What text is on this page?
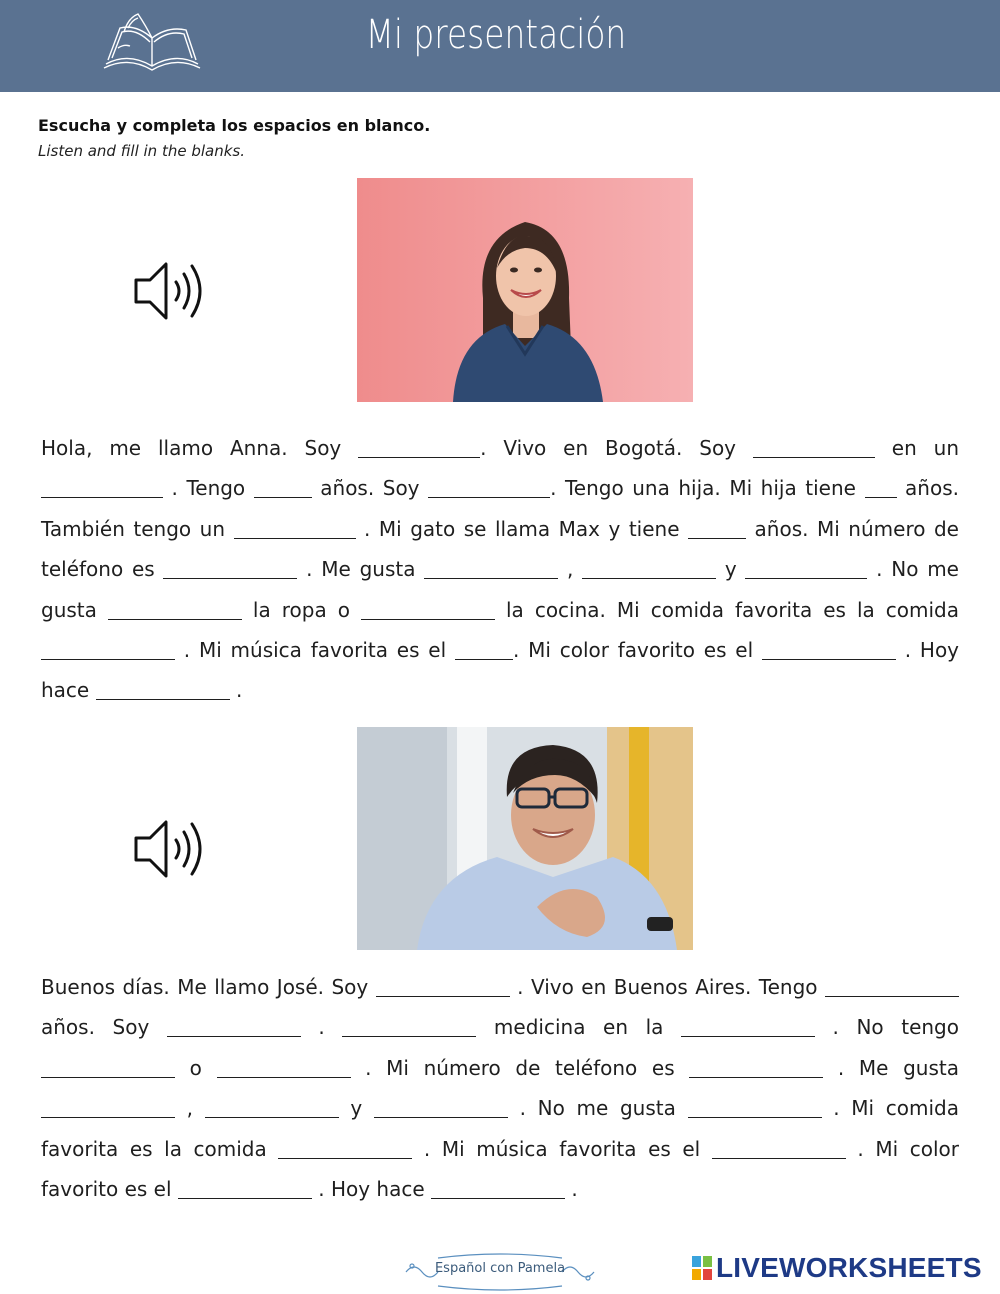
Mi presentación
Escucha y completa los espacios en blanco.
Listen and fill in the blanks.
Hola, me llamo Anna. Soy	. Vivo en Bogotá. Soy	en un  . Tengo	años. Soy	. Tengo una hija. Mi hija tiene  años. También tengo un	. Mi gato se llama Max y tiene	años. Mi número de teléfono es	. Me gusta	,	y	. No me gusta	la ropa o	la cocina. Mi comida favorita es la comida  . Mi música favorita es el	. Mi color favorito es el	. Hoy hace	.
Buenos días. Me llamo José. Soy	. Vivo en Buenos Aires. Tengo años. Soy	.	medicina en la	. No tengo  o	. Mi número de teléfono es	. Me gusta  ,	y	. No me gusta	. Mi comida favorita es la comida	. Mi música favorita es el	. Mi color favorito es el	. Hoy hace	.
Español con Pamela	LIVEWORKSHEETS
